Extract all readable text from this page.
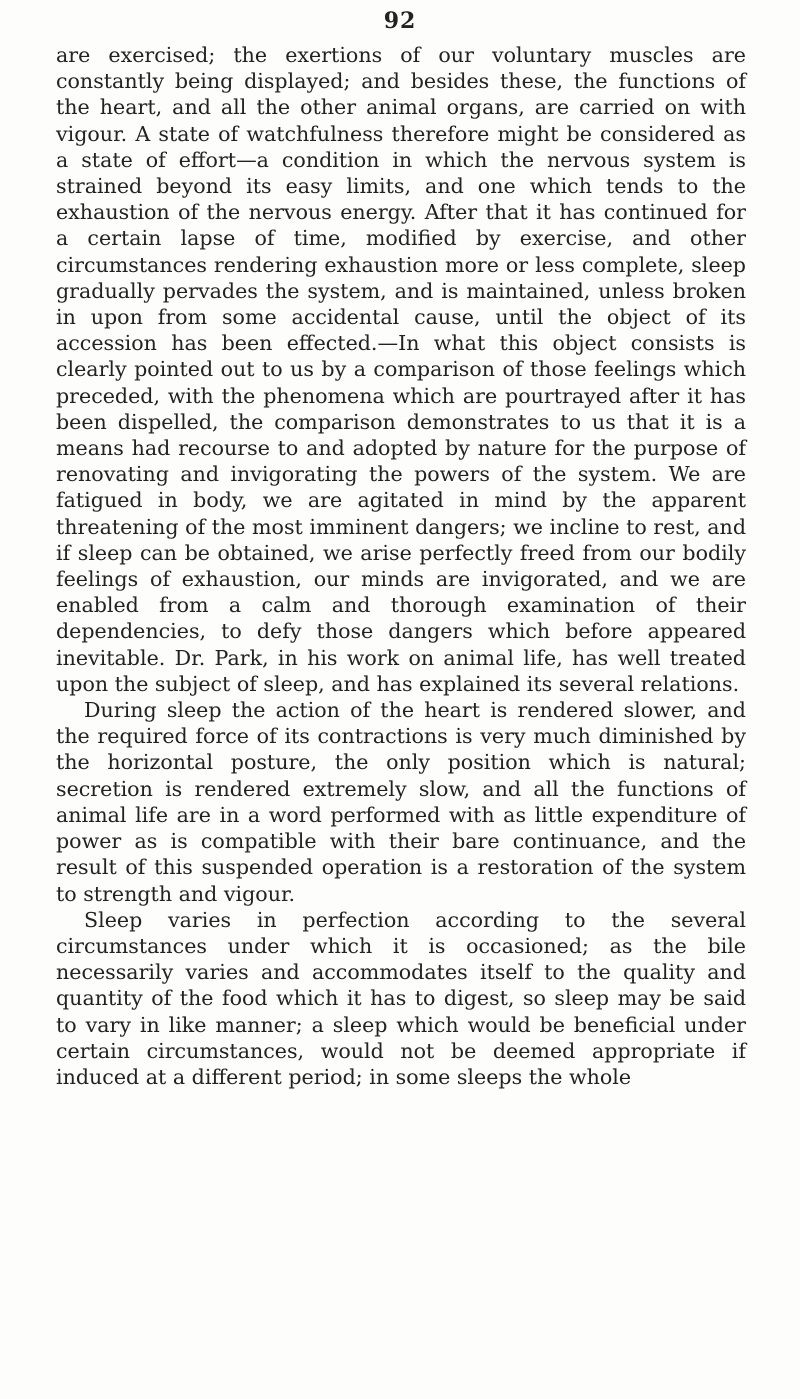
92

are exercised; the exertions of our voluntary muscles are constantly being displayed; and besides these, the functions of the heart, and all the other animal organs, are carried on with vigour. A state of watchfulness therefore might be considered as a state of effort—a condition in which the nervous system is strained beyond its easy limits, and one which tends to the exhaustion of the nervous energy. After that it has continued for a certain lapse of time, modified by exercise, and other circumstances rendering exhaustion more or less complete, sleep gradually pervades the system, and is maintained, unless broken in upon from some accidental cause, until the object of its accession has been effected.—In what this object consists is clearly pointed out to us by a comparison of those feelings which preceded, with the phenomena which are pourtrayed after it has been dispelled, the comparison demonstrates to us that it is a means had recourse to and adopted by nature for the purpose of renovating and invigorating the powers of the system. We are fatigued in body, we are agitated in mind by the apparent threatening of the most imminent dangers; we incline to rest, and if sleep can be obtained, we arise perfectly freed from our bodily feelings of exhaustion, our minds are invigorated, and we are enabled from a calm and thorough examination of their dependencies, to defy those dangers which before appeared inevitable. Dr. Park, in his work on animal life, has well treated upon the subject of sleep, and has explained its several relations.

During sleep the action of the heart is rendered slower, and the required force of its contractions is very much diminished by the horizontal posture, the only position which is natural; secretion is rendered extremely slow, and all the functions of animal life are in a word performed with as little expenditure of power as is compatible with their bare continuance, and the result of this suspended operation is a restoration of the system to strength and vigour.

Sleep varies in perfection according to the several circumstances under which it is occasioned; as the bile necessarily varies and accommodates itself to the quality and quantity of the food which it has to digest, so sleep may be said to vary in like manner; a sleep which would be beneficial under certain circumstances, would not be deemed appropriate if induced at a different period; in some sleeps the whole
